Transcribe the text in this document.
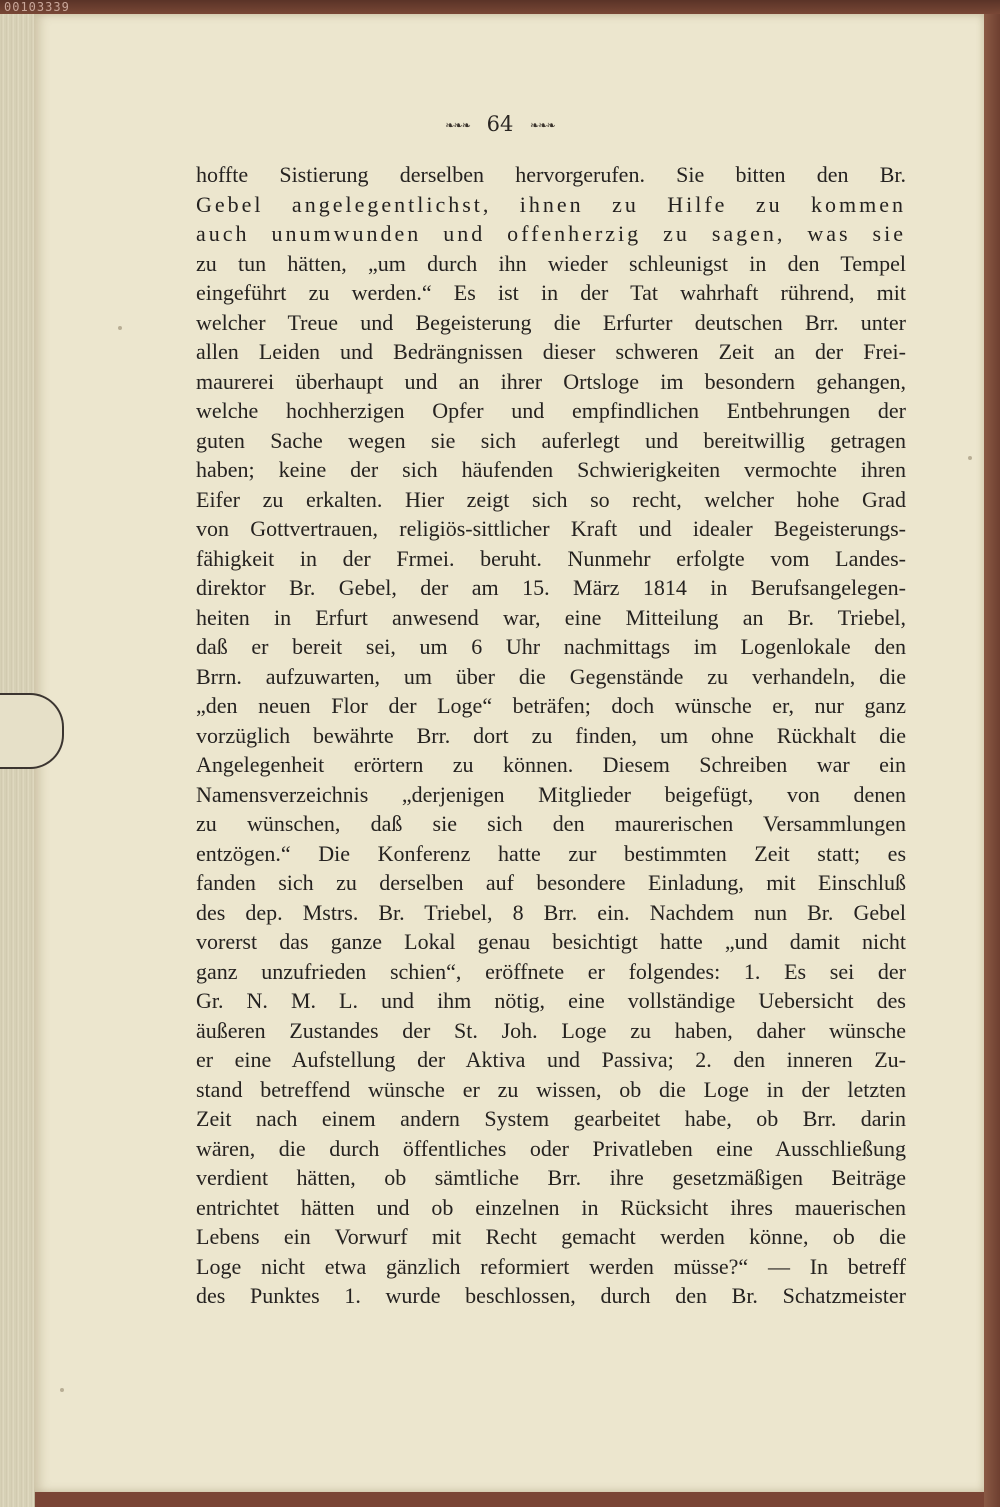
00103339
❧❧❧ 64 ❧❧❧
hoffte Sistierung derselben hervorgerufen. Sie bitten den Br.
Gebel angelegentlichst, ihnen zu Hilfe zu kommen
auch unumwunden und offenherzig zu sagen, was sie
zu tun hätten, „um durch ihn wieder schleunigst in den Tempel
eingeführt zu werden.“ Es ist in der Tat wahrhaft rührend, mit
welcher Treue und Begeisterung die Erfurter deutschen Brr. unter
allen Leiden und Bedrängnissen dieser schweren Zeit an der Frei-
maurerei überhaupt und an ihrer Ortsloge im besondern gehangen,
welche hochherzigen Opfer und empfindlichen Entbehrungen der
guten Sache wegen sie sich auferlegt und bereitwillig getragen
haben; keine der sich häufenden Schwierigkeiten vermochte ihren
Eifer zu erkalten. Hier zeigt sich so recht, welcher hohe Grad
von Gottvertrauen, religiös-sittlicher Kraft und idealer Begeisterungs-
fähigkeit in der Frmei. beruht. Nunmehr erfolgte vom Landes-
direktor Br. Gebel, der am 15. März 1814 in Berufsangelegen-
heiten in Erfurt anwesend war, eine Mitteilung an Br. Triebel,
daß er bereit sei, um 6 Uhr nachmittags im Logenlokale den
Brrn. aufzuwarten, um über die Gegenstände zu verhandeln, die
„den neuen Flor der Loge“ beträfen; doch wünsche er, nur ganz
vorzüglich bewährte Brr. dort zu finden, um ohne Rückhalt die
Angelegenheit erörtern zu können. Diesem Schreiben war ein
Namensverzeichnis „derjenigen Mitglieder beigefügt, von denen
zu wünschen, daß sie sich den maurerischen Versammlungen
entzögen.“ Die Konferenz hatte zur bestimmten Zeit statt; es
fanden sich zu derselben auf besondere Einladung, mit Einschluß
des dep. Mstrs. Br. Triebel, 8 Brr. ein. Nachdem nun Br. Gebel
vorerst das ganze Lokal genau besichtigt hatte „und damit nicht
ganz unzufrieden schien“, eröffnete er folgendes: 1. Es sei der
Gr. N. M. L. und ihm nötig, eine vollständige Uebersicht des
äußeren Zustandes der St. Joh. Loge zu haben, daher wünsche
er eine Aufstellung der Aktiva und Passiva; 2. den inneren Zu-
stand betreffend wünsche er zu wissen, ob die Loge in der letzten
Zeit nach einem andern System gearbeitet habe, ob Brr. darin
wären, die durch öffentliches oder Privatleben eine Ausschließung
verdient hätten, ob sämtliche Brr. ihre gesetzmäßigen Beiträge
entrichtet hätten und ob einzelnen in Rücksicht ihres mauerischen
Lebens ein Vorwurf mit Recht gemacht werden könne, ob die
Loge nicht etwa gänzlich reformiert werden müsse?“ — In betreff
des Punktes 1. wurde beschlossen, durch den Br. Schatzmeister
